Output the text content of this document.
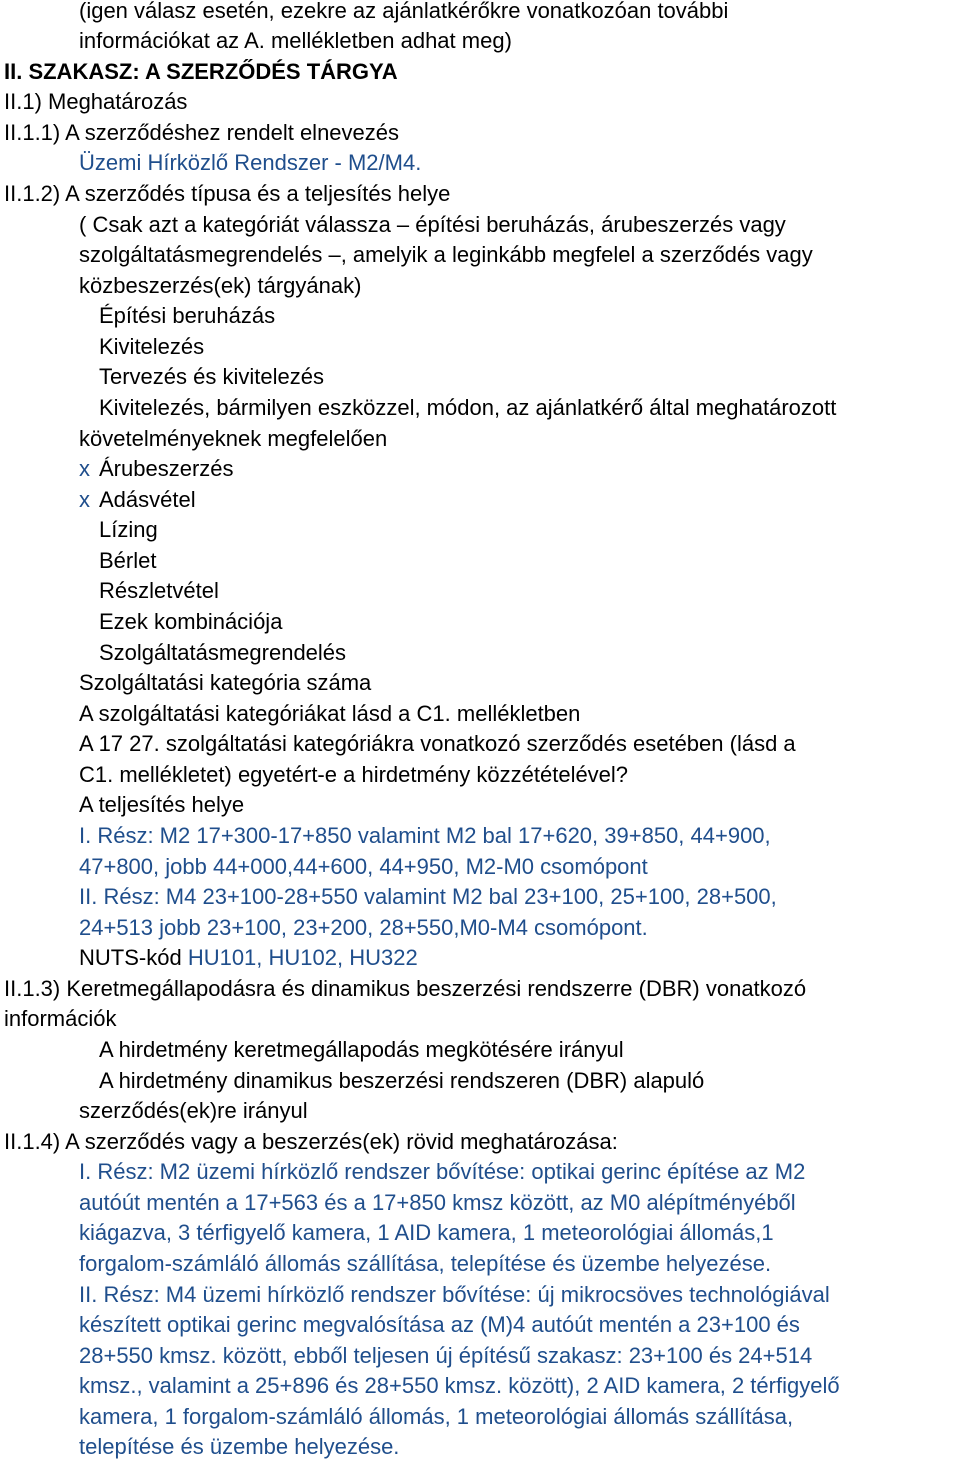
(igen válasz esetén, ezekre az ajánlatkérőkre vonatkozóan további
információkat az A. mellékletben adhat meg)
II. SZAKASZ: A SZERZŐDÉS TÁRGYA
II.1) Meghatározás
II.1.1) A szerződéshez rendelt elnevezés
Üzemi Hírközlő Rendszer - M2/M4.
II.1.2) A szerződés típusa és a teljesítés helye
( Csak azt a kategóriát válassza – építési beruházás, árubeszerzés vagy
szolgáltatásmegrendelés –, amelyik a leginkább megfelel a szerződés vagy
közbeszerzés(ek) tárgyának)
Építési beruházás
Kivitelezés
Tervezés és kivitelezés
Kivitelezés, bármilyen eszközzel, módon, az ajánlatkérő által meghatározott
követelményeknek megfelelően
x Árubeszerzés
x Adásvétel
Lízing
Bérlet
Részletvétel
Ezek kombinációja
Szolgáltatásmegrendelés
Szolgáltatási kategória száma
A szolgáltatási kategóriákat lásd a C1. mellékletben
A 17 27. szolgáltatási kategóriákra vonatkozó szerződés esetében (lásd a
C1. mellékletet) egyetért-e a hirdetmény közzétételével?
A teljesítés helye
I. Rész: M2 17+300-17+850 valamint M2 bal 17+620, 39+850, 44+900,
47+800, jobb 44+000,44+600, 44+950, M2-M0 csomópont
II. Rész: M4 23+100-28+550 valamint M2 bal 23+100, 25+100, 28+500,
24+513 jobb 23+100, 23+200, 28+550,M0-M4 csomópont.
NUTS-kód HU101, HU102, HU322
II.1.3) Keretmegállapodásra és dinamikus beszerzési rendszerre (DBR) vonatkozó
információk
A hirdetmény keretmegállapodás megkötésére irányul
A hirdetmény dinamikus beszerzési rendszeren (DBR) alapuló
szerződés(ek)re irányul
II.1.4) A szerződés vagy a beszerzés(ek) rövid meghatározása:
I. Rész: M2 üzemi hírközlő rendszer bővítése: optikai gerinc építése az M2
autóút mentén a 17+563 és a 17+850 kmsz között, az M0 alépítményéből
kiágazva, 3 térfigyelő kamera, 1 AID kamera, 1 meteorológiai állomás,1
forgalom-számláló állomás szállítása, telepítése és üzembe helyezése.
II. Rész: M4 üzemi hírközlő rendszer bővítése: új mikrocsöves technológiával
készített optikai gerinc megvalósítása az (M)4 autóút mentén a 23+100 és
28+550 kmsz. között, ebből teljesen új építésű szakasz: 23+100 és 24+514
kmsz., valamint a 25+896 és 28+550 kmsz. között), 2 AID kamera, 2 térfigyelő
kamera, 1 forgalom-számláló állomás, 1 meteorológiai állomás szállítása,
telepítése és üzembe helyezése.
